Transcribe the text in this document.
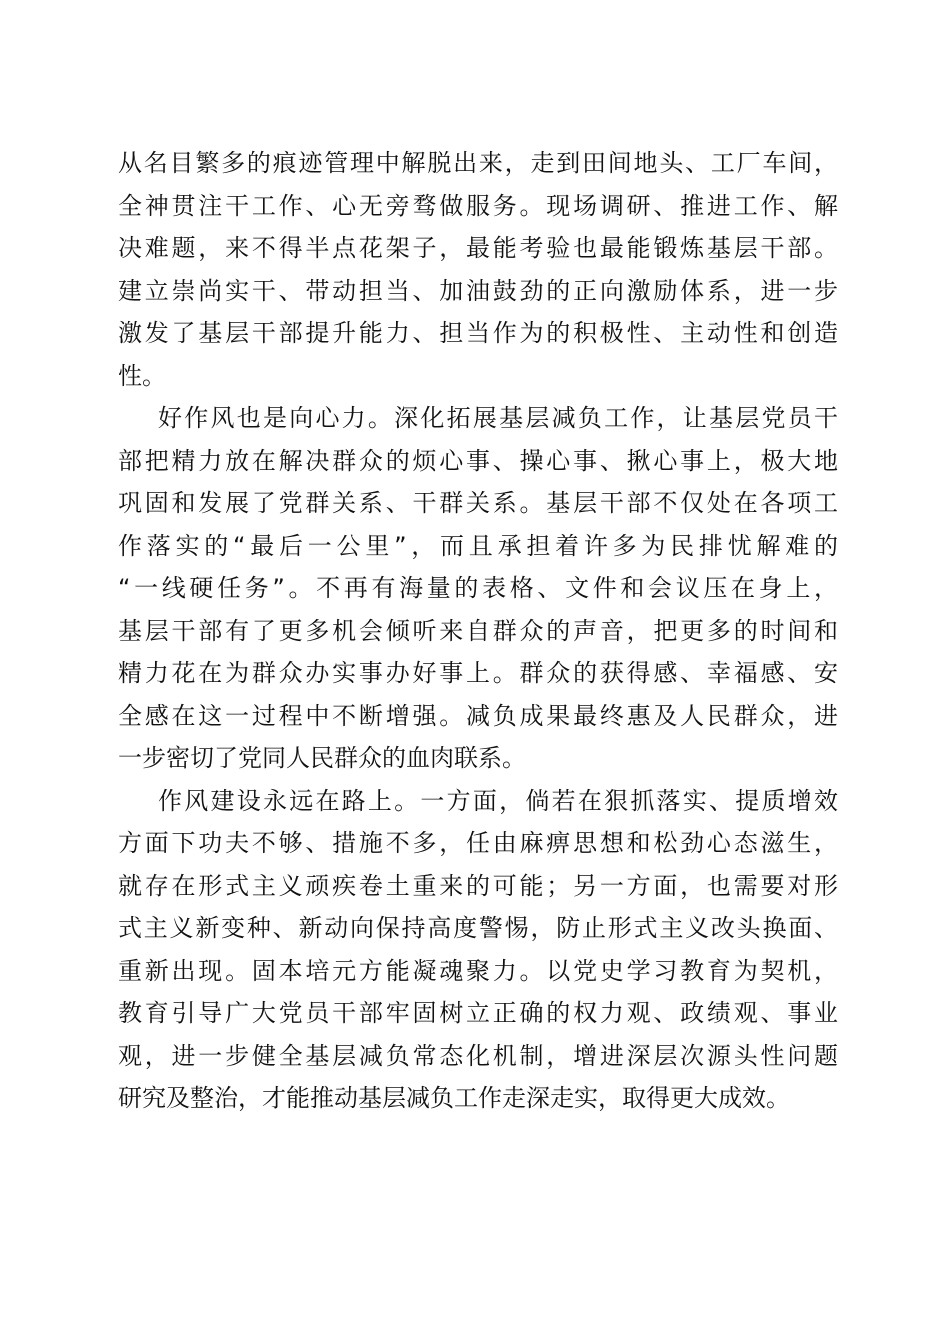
从名目繁多的痕迹管理中解脱出来，走到田间地头、工厂车间，
全神贯注干工作、心无旁骛做服务。现场调研、推进工作、解
决难题，来不得半点花架子，最能考验也最能锻炼基层干部。
建立崇尚实干、带动担当、加油鼓劲的正向激励体系，进一步
激发了基层干部提升能力、担当作为的积极性、主动性和创造
性。
好作风也是向心力。深化拓展基层减负工作，让基层党员干
部把精力放在解决群众的烦心事、操心事、揪心事上，极大地
巩固和发展了党群关系、干群关系。基层干部不仅处在各项工
作落实的“最后一公里”，而且承担着许多为民排忧解难的
“一线硬任务”。不再有海量的表格、文件和会议压在身上，
基层干部有了更多机会倾听来自群众的声音，把更多的时间和
精力花在为群众办实事办好事上。群众的获得感、幸福感、安
全感在这一过程中不断增强。减负成果最终惠及人民群众，进
一步密切了党同人民群众的血肉联系。
作风建设永远在路上。一方面，倘若在狠抓落实、提质增效
方面下功夫不够、措施不多，任由麻痹思想和松劲心态滋生，
就存在形式主义顽疾卷土重来的可能；另一方面，也需要对形
式主义新变种、新动向保持高度警惕，防止形式主义改头换面、
重新出现。固本培元方能凝魂聚力。以党史学习教育为契机，
教育引导广大党员干部牢固树立正确的权力观、政绩观、事业
观，进一步健全基层减负常态化机制，增进深层次源头性问题
研究及整治，才能推动基层减负工作走深走实，取得更大成效。
